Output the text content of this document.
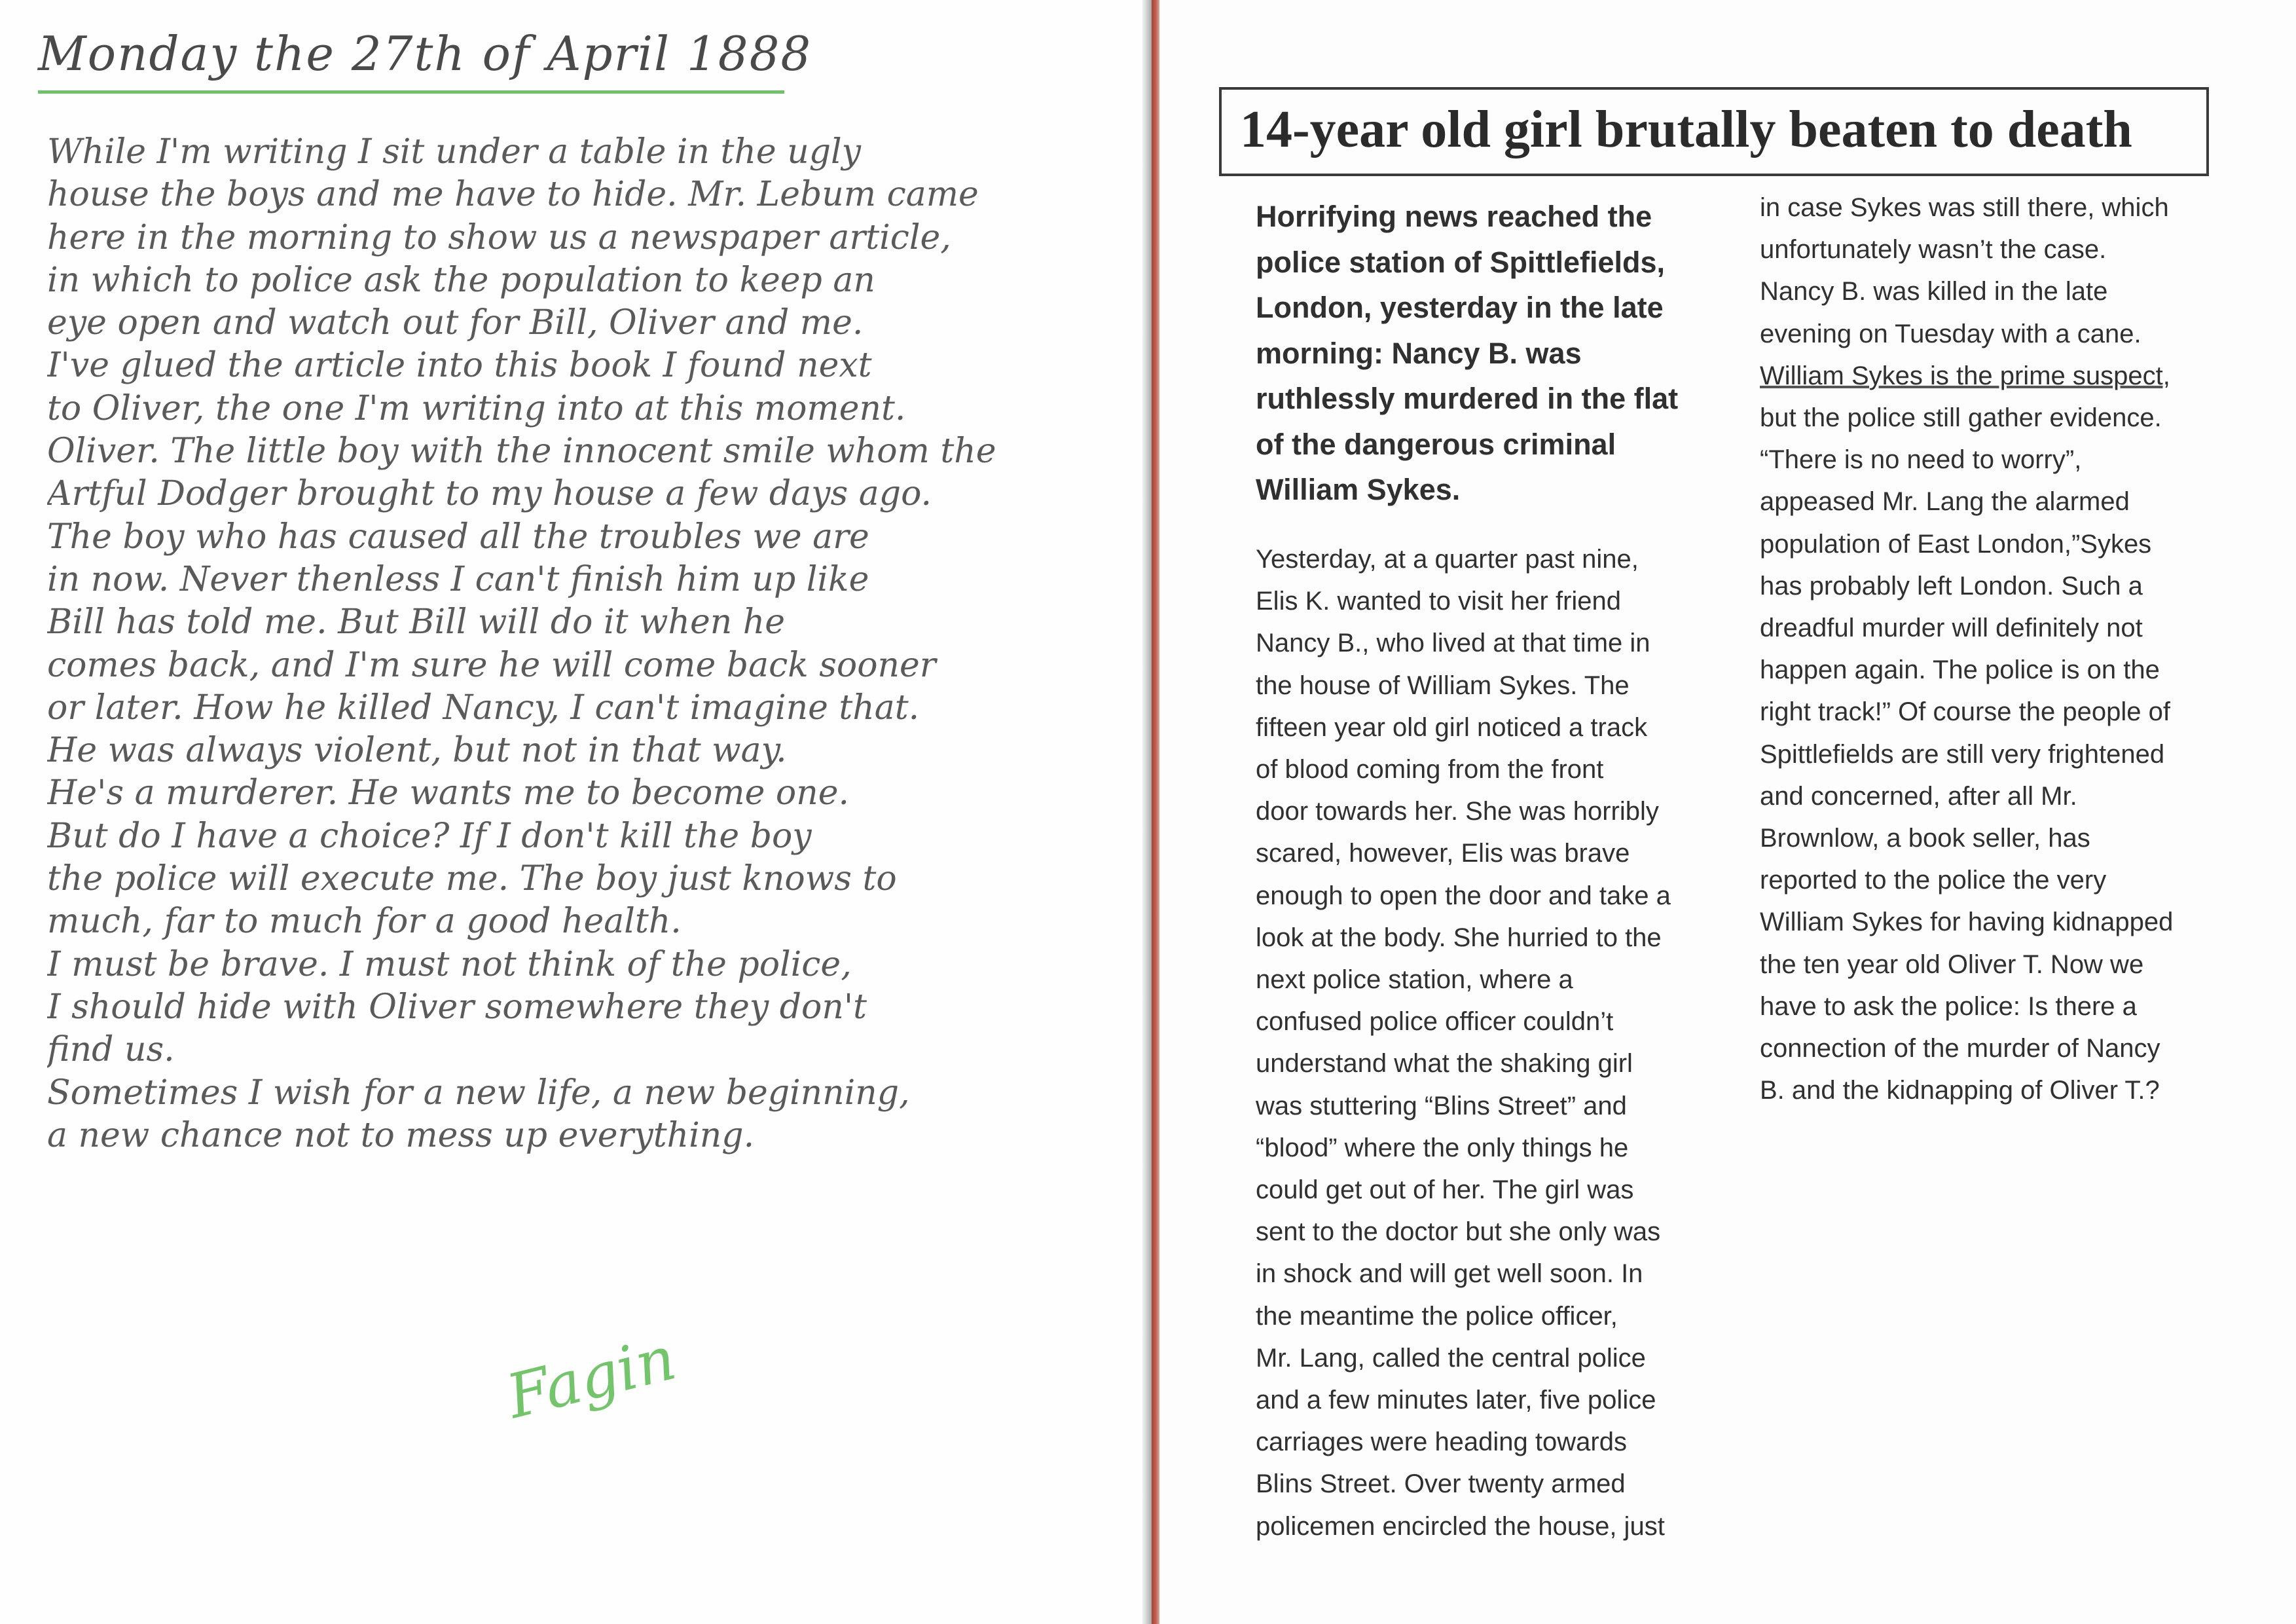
Monday the 27th of April 1888
While I'm writing I sit under a table in the ugly
house the boys and me have to hide. Mr. Lebum came
here in the morning to show us a newspaper article,
in which to police ask the population to keep an
eye open and watch out for Bill, Oliver and me.
I've glued the article into this book I found next
to Oliver, the one I'm writing into at this moment.
Oliver. The little boy with the innocent smile whom the
Artful Dodger brought to my house a few days ago.
The boy who has caused all the troubles we are
in now. Never thenless I can't finish him up like
Bill has told me. But Bill will do it when he
comes back, and I'm sure he will come back sooner
or later. How he killed Nancy, I can't imagine that.
He was always violent, but not in that way.
He's a murderer. He wants me to become one.
But do I have a choice? If I don't kill the boy
the police will execute me. The boy just knows to
much, far to much for a good health.
I must be brave. I must not think of the police,
I should hide with Oliver somewhere they don't
find us.
Sometimes I wish for a new life, a new beginning,
a new chance not to mess up everything.
Fagin
14-year old girl brutally beaten to death
Horrifying news reached the
police station of Spittlefields,
London, yesterday in the late
morning: Nancy B. was
ruthlessly murdered in the flat
of the dangerous criminal
William Sykes.
Yesterday, at a quarter past nine,
Elis K. wanted to visit her friend
Nancy B., who lived at that time in
the house of William Sykes. The
fifteen year old girl noticed a track
of blood coming from the front
door towards her. She was horribly
scared, however, Elis was brave
enough to open the door and take a
look at the body. She hurried to the
next police station, where a
confused police officer couldn’t
understand what the shaking girl
was stuttering “Blins Street” and
“blood” where the only things he
could get out of her. The girl was
sent to the doctor but she only was
in shock and will get well soon. In
the meantime the police officer,
Mr. Lang, called the central police
and a few minutes later, five police
carriages were heading towards
Blins Street. Over twenty armed
policemen encircled the house, just
in case Sykes was still there, which
unfortunately wasn’t the case.
Nancy B. was killed in the late
evening on Tuesday with a cane.
William Sykes is the prime suspect,
but the police still gather evidence.
“There is no need to worry”,
appeased Mr. Lang the alarmed
population of East London,”Sykes
has probably left London. Such a
dreadful murder will definitely not
happen again. The police is on the
right track!” Of course the people of
Spittlefields are still very frightened
and concerned, after all Mr.
Brownlow, a book seller, has
reported to the police the very
William Sykes for having kidnapped
the ten year old Oliver T. Now we
have to ask the police: Is there a
connection of the murder of Nancy
B. and the kidnapping of Oliver T.?
